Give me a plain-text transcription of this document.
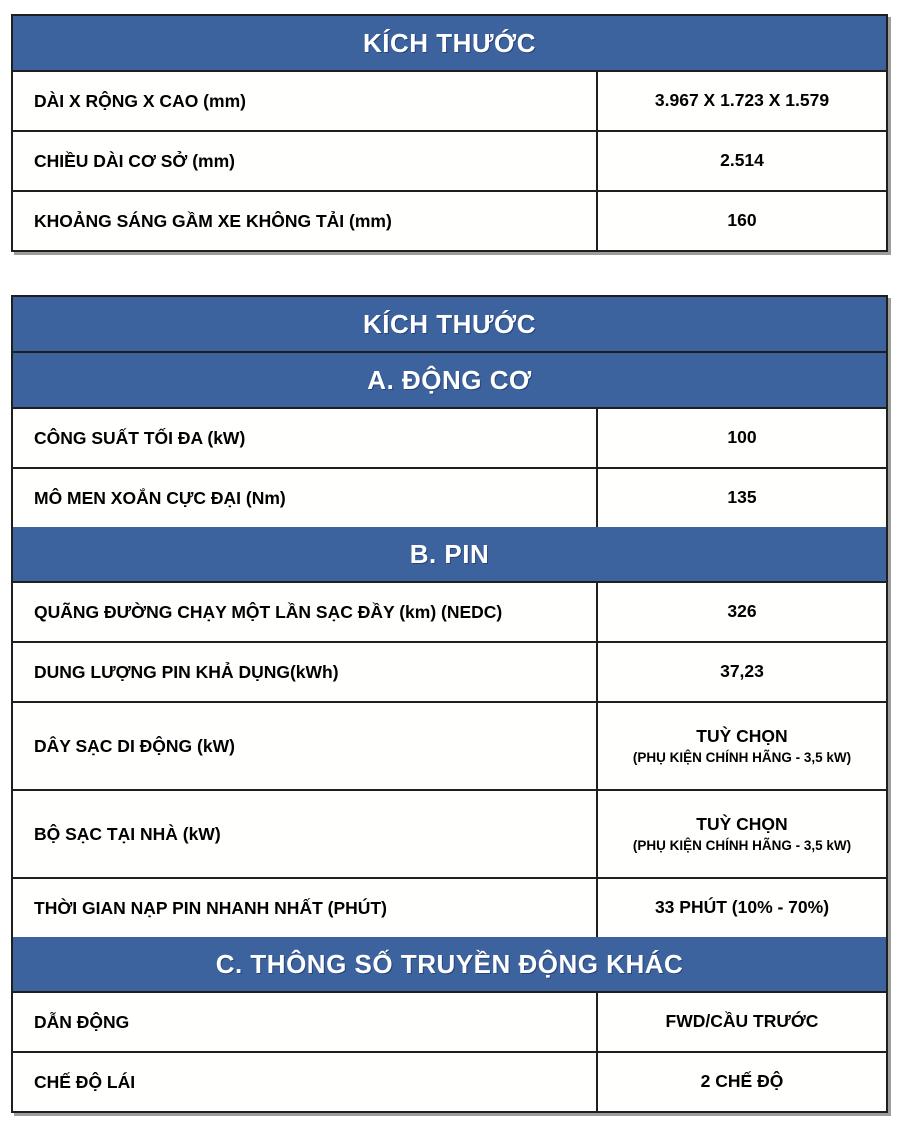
KÍCH THƯỚC
DÀI X RỘNG X CAO (mm)	3.967 X 1.723 X 1.579
CHIỀU DÀI CƠ SỞ (mm)	2.514
KHOẢNG SÁNG GẦM XE KHÔNG TẢI (mm)	160
KÍCH THƯỚC
A. ĐỘNG CƠ
CÔNG SUẤT TỐI ĐA (kW)	100
MÔ MEN XOẮN CỰC ĐẠI (Nm)	135
B. PIN
QUÃNG ĐƯỜNG CHẠY MỘT LẦN SẠC ĐẦY (km) (NEDC)	326
DUNG LƯỢNG PIN KHẢ DỤNG(kWh)	37,23
DÂY SẠC DI ĐỘNG (kW)	TUỲ CHỌN
(PHỤ KIỆN CHÍNH HÃNG - 3,5 kW)
BỘ SẠC TẠI NHÀ (kW)	TUỲ CHỌN
(PHỤ KIỆN CHÍNH HÃNG - 3,5 kW)
THỜI GIAN NẠP PIN NHANH NHẤT (PHÚT)	33 PHÚT (10% - 70%)
C. THÔNG SỐ TRUYỀN ĐỘNG KHÁC
DẪN ĐỘNG	FWD/CẦU TRƯỚC
CHẾ ĐỘ LÁI	2 CHẾ ĐỘ
